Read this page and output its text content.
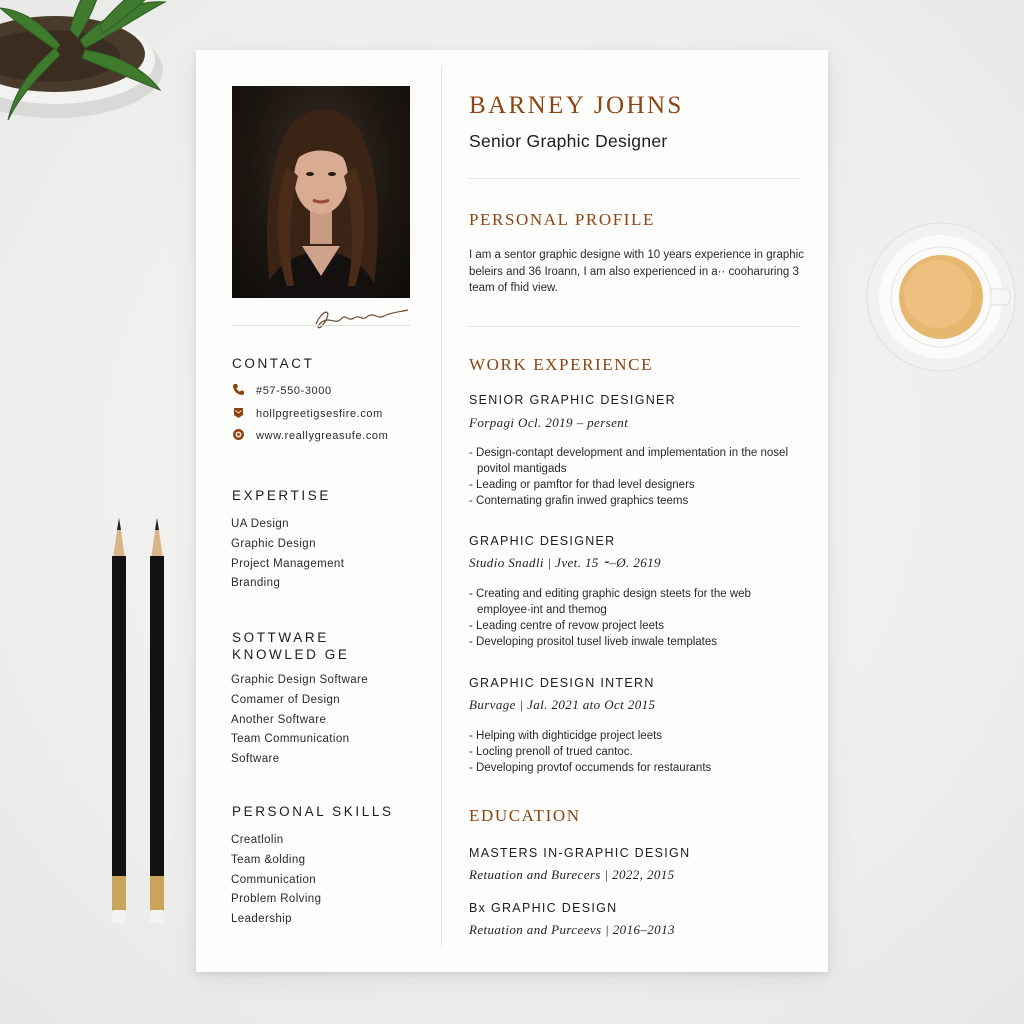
CONTACT
#57-550-3000
hollpgreetigsesfire.com
www.reallygreasufe.com
EXPERTISE
UA Design
Graphic Design
Project Management
Branding
SOTTWARE
KNOWLED GE
Graphic Design Software
Comamer of Design
Another Software
Team Communication
Software
PERSONAL SKILLS
Creatlolin
Team &olding
Communication
Problem Rolving
Leadership
BARNEY JOHNS
Senior Graphic Designer
PERSONAL PROFILE
I am a sentor graphic designe with 10 years experience in graphic beleirs and 36 Iroann, I am also experienced in a·· cooharuring 3 team of fhid view.
WORK EXPERIENCE
SENIOR GRAPHIC DESIGNER
Forpagi Ocl. 2019 – persent
- Design-contapt development and implementation in the nosel povitol mantigads
- Leading or pamftor for thad level designers
- Conternating grafin inwed graphics teems
GRAPHIC DESIGNER
Studio Snadli | Jvet. 15 ⁃–Ø. 2619
- Creating and editing graphic design steets for the web employee·int and themog
- Leading centre of revow project leets
- Developing prositol tusel liveb inwale templates
GRAPHIC DESIGN INTERN
Burvage | Jal. 2021 ato Oct 2015
- Helping with dighticidge project leets
- Locling prenoll of trued cantoc.
- Developing provtof occumends for restaurants
EDUCATION
MASTERS IN-GRAPHIC DESIGN
Retuation and Burecers | 2022, 2015
Bx GRAPHIC DESIGN
Retuation and Purceevs | 2016–2013
